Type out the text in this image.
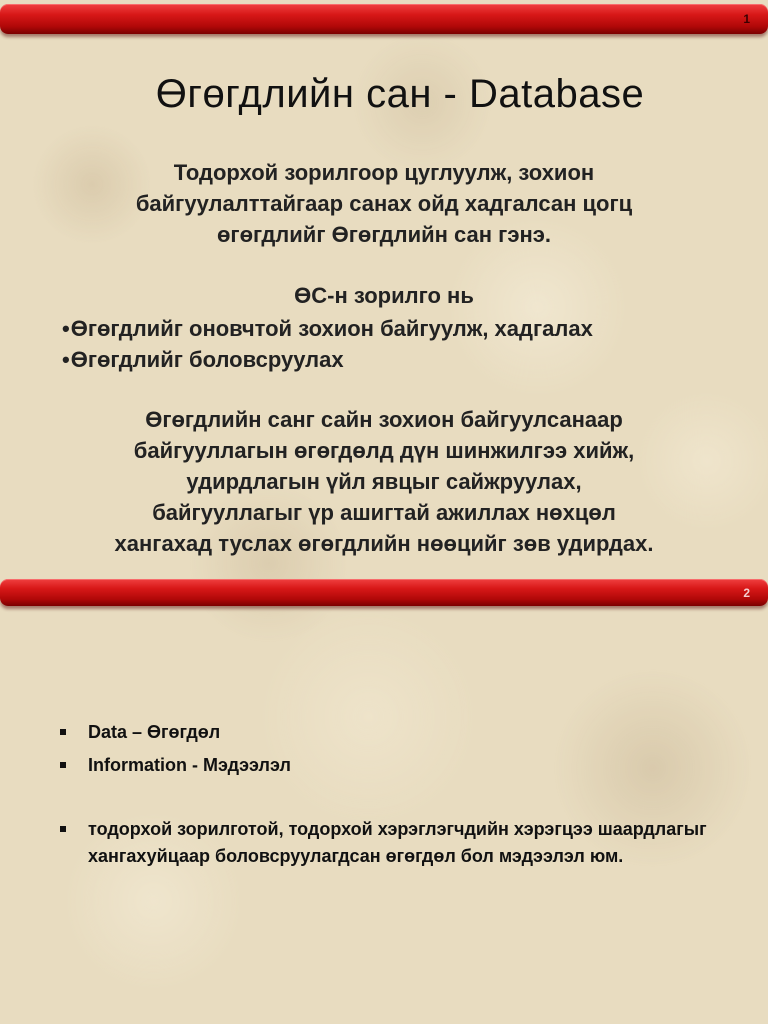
1
Өгөгдлийн сан - Database
Тодорхой зорилгоор цуглуулж, зохион
байгуулалттайгаар санах ойд хадгалсан цогц
өгөгдлийг Өгөгдлийн сан гэнэ.
ӨС-н зорилго нь
•Өгөгдлийг оновчтой зохион байгуулж, хадгалах
•Өгөгдлийг боловсруулах
Өгөгдлийн санг сайн зохион байгуулсанаар
байгууллагын өгөгдөлд дүн шинжилгээ хийж,
удирдлагын үйл явцыг сайжруулах,
байгууллагыг үр ашигтай ажиллах нөхцөл
хангахад туслах өгөгдлийн нөөцийг зөв удирдах.
2
Data – Өгөгдөл
Information - Мэдээлэл
тодорхой зорилготой, тодорхой хэрэглэгчдийн хэрэгцээ шаардлагыг хангахуйцаар боловсруулагдсан өгөгдөл бол мэдээлэл юм.
